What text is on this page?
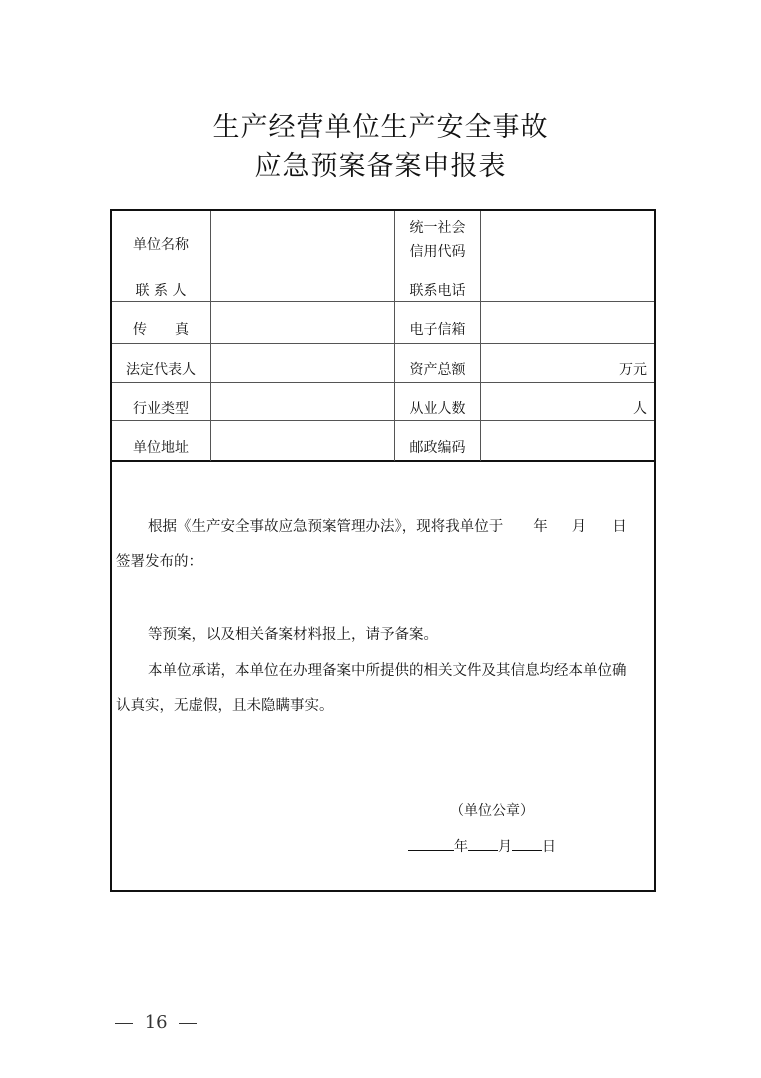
生产经营单位生产安全事故
应急预案备案申报表
单位名称
联 系 人
传　　真
法定代表人
行业类型
单位地址
统一社会
信用代码
联系电话
电子信箱
资产总额
从业人数
邮政编码
万元
人
根据《生产安全事故应急预案管理办法》，现将我单位于 年 月 日
签署发布的：
等预案，以及相关备案材料报上，请予备案。
本单位承诺，本单位在办理备案中所提供的相关文件及其信息均经本单位确
认真实，无虚假，且未隐瞒事实。
（单位公章）
年 月 日
16
